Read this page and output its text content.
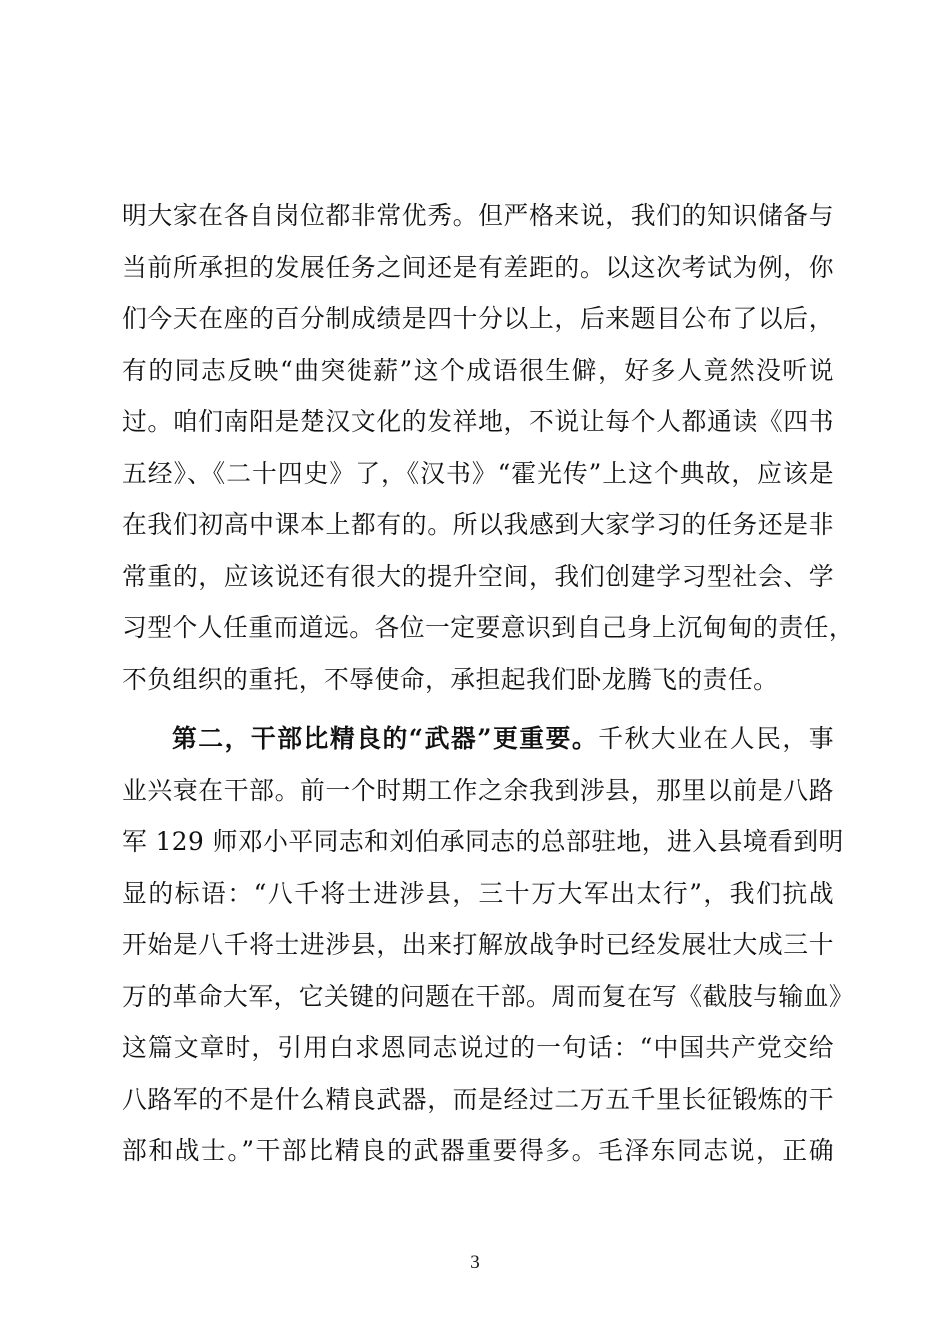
明大家在各自岗位都非常优秀。但严格来说，我们的知识储备与
当前所承担的发展任务之间还是有差距的。以这次考试为例，你
们今天在座的百分制成绩是四十分以上，后来题目公布了以后，
有的同志反映“曲突徙薪”这个成语很生僻，好多人竟然没听说
过。咱们南阳是楚汉文化的发祥地，不说让每个人都通读《四书
五经》、《二十四史》了，《汉书》“霍光传”上这个典故，应该是
在我们初高中课本上都有的。所以我感到大家学习的任务还是非
常重的，应该说还有很大的提升空间，我们创建学习型社会、学
习型个人任重而道远。各位一定要意识到自己身上沉甸甸的责任，
不负组织的重托，不辱使命，承担起我们卧龙腾飞的责任。
第二，干部比精良的“武器”更重要。千秋大业在人民，事
业兴衰在干部。前一个时期工作之余我到涉县，那里以前是八路
军 129 师邓小平同志和刘伯承同志的总部驻地，进入县境看到明
显的标语：“八千将士进涉县，三十万大军出太行”，我们抗战
开始是八千将士进涉县，出来打解放战争时已经发展壮大成三十
万的革命大军，它关键的问题在干部。周而复在写《截肢与输血》
这篇文章时，引用白求恩同志说过的一句话：“中国共产党交给
八路军的不是什么精良武器，而是经过二万五千里长征锻炼的干
部和战士。”干部比精良的武器重要得多。毛泽东同志说，正确
3
